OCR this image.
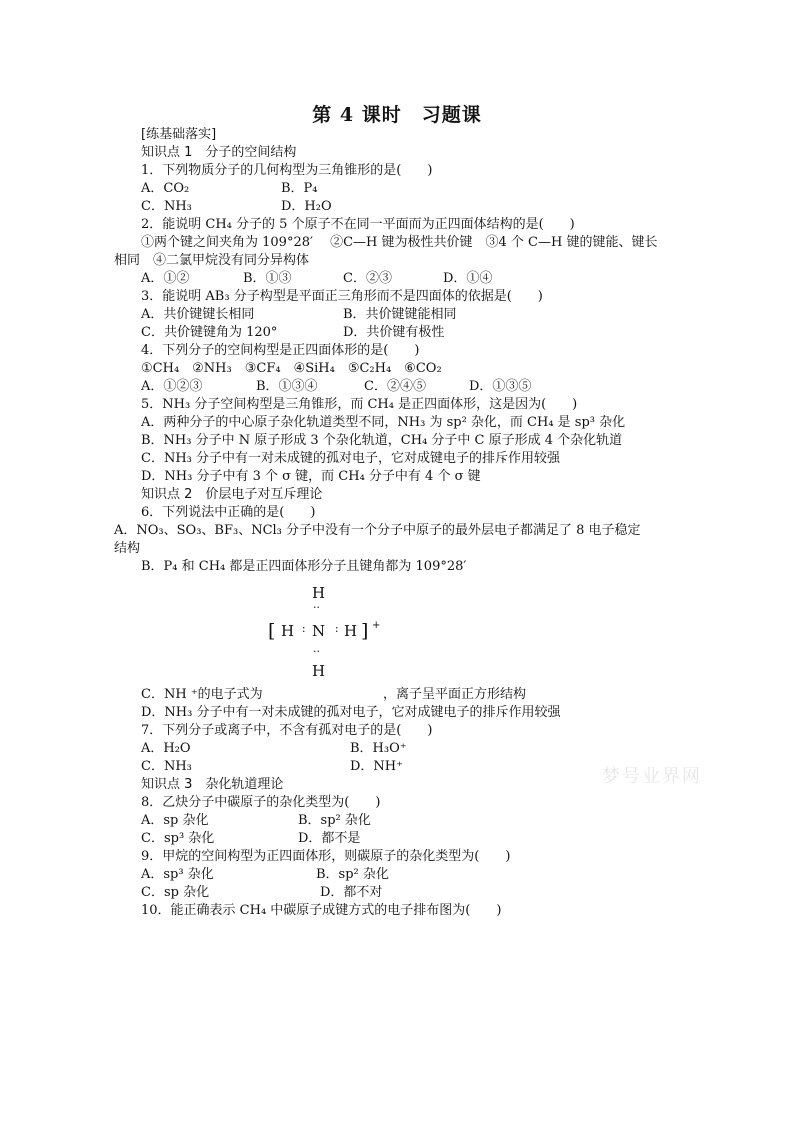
第 4 课时　习题课
[练基础落实]
知识点 1　分子的空间结构
1．下列物质分子的几何构型为三角锥形的是(　　)
A．CO₂	B．P₄
C．NH₃	D．H₂O
2．能说明 CH₄ 分子的 5 个原子不在同一平面而为正四面体结构的是(　　)
①两个键之间夹角为 109°28′　 ②C—H 键为极性共价键　③4 个 C—H 键的键能、键长
相同　④二氯甲烷没有同分异构体
A．①②	B．①③	C．②③	D．①④
3．能说明 AB₃ 分子构型是平面正三角形而不是四面体的依据是(　　)
A．共价键键长相同	B．共价键键能相同
C．共价键键角为 120°	D．共价键有极性
4．下列分子的空间构型是正四面体形的是(　　)
①CH₄　②NH₃　③CF₄　④SiH₄　⑤C₂H₄　⑥CO₂
A．①②③	B．①③④	C．②④⑤	D．①③⑤
5．NH₃ 分子空间构型是三角锥形，而 CH₄ 是正四面体形，这是因为(　　)
A．两种分子的中心原子杂化轨道类型不同，NH₃ 为 sp² 杂化，而 CH₄ 是 sp³ 杂化
B．NH₃ 分子中 N 原子形成 3 个杂化轨道，CH₄ 分子中 C 原子形成 4 个杂化轨道
C．NH₃ 分子中有一对未成键的孤对电子，它对成键电子的排斥作用较强
D．NH₃ 分子中有 3 个 σ 键，而 CH₄ 分子中有 4 个 σ 键
知识点 2　价层电子对互斥理论
6．下列说法中正确的是(　　)
A．NO₃、SO₃、BF₃、NCl₃ 分子中没有一个分子中原子的最外层电子都满足了 8 电子稳定
结构
B．P₄ 和 CH₄ 都是正四面体形分子且键角都为 109°28′
H
··
[ H ·· N ·· H ] +
··
H
C．NH ⁺的电子式为	，离子呈平面正方形结构
D．NH₃ 分子中有一对未成键的孤对电子，它对成键电子的排斥作用较强
7．下列分子或离子中，不含有孤对电子的是(　　)
A．H₂O	B．H₃O⁺
C．NH₃	D．NH⁺
知识点 3　杂化轨道理论
8．乙炔分子中碳原子的杂化类型为(　　)
A．sp 杂化	B．sp² 杂化
C．sp³ 杂化	D．都不是
9．甲烷的空间构型为正四面体形，则碳原子的杂化类型为(　　)
A．sp³ 杂化	B．sp² 杂化
C．sp 杂化	D．都不对
10．能正确表示 CH₄ 中碳原子成键方式的电子排布图为(　　)
梦号业界网
